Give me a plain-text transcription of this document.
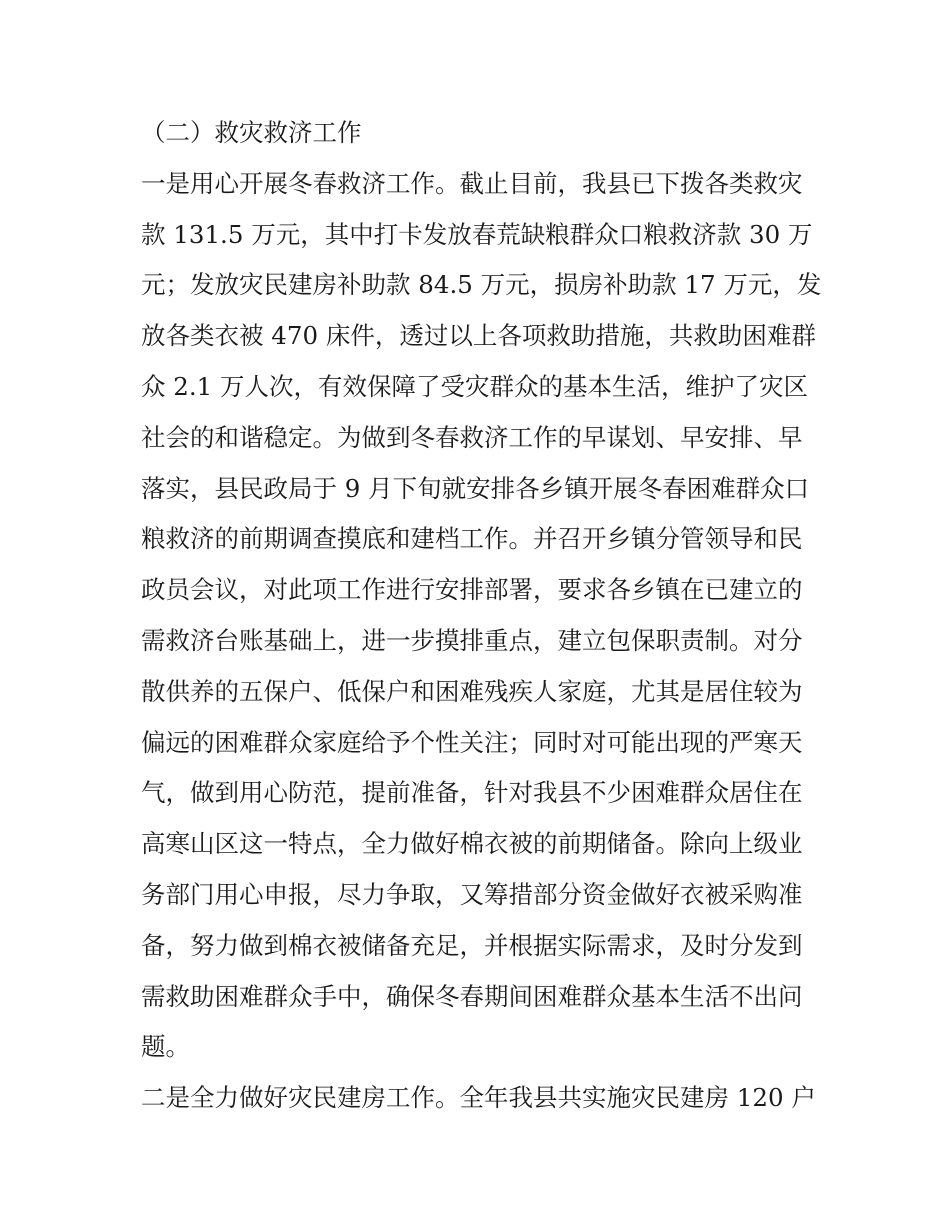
（二）救灾救济工作
一是用心开展冬春救济工作。截止目前，我县已下拨各类救灾
款 131.5 万元，其中打卡发放春荒缺粮群众口粮救济款 30 万
元；发放灾民建房补助款 84.5 万元，损房补助款 17 万元，发
放各类衣被 470 床件，透过以上各项救助措施，共救助困难群
众 2.1 万人次，有效保障了受灾群众的基本生活，维护了灾区
社会的和谐稳定。为做到冬春救济工作的早谋划、早安排、早
落实，县民政局于 9 月下旬就安排各乡镇开展冬春困难群众口
粮救济的前期调查摸底和建档工作。并召开乡镇分管领导和民
政员会议，对此项工作进行安排部署，要求各乡镇在已建立的
需救济台账基础上，进一步摸排重点，建立包保职责制。对分
散供养的五保户、低保户和困难残疾人家庭，尤其是居住较为
偏远的困难群众家庭给予个性关注；同时对可能出现的严寒天
气，做到用心防范，提前准备，针对我县不少困难群众居住在
高寒山区这一特点，全力做好棉衣被的前期储备。除向上级业
务部门用心申报，尽力争取，又筹措部分资金做好衣被采购准
备，努力做到棉衣被储备充足，并根据实际需求，及时分发到
需救助困难群众手中，确保冬春期间困难群众基本生活不出问
题。
二是全力做好灾民建房工作。全年我县共实施灾民建房 120 户
